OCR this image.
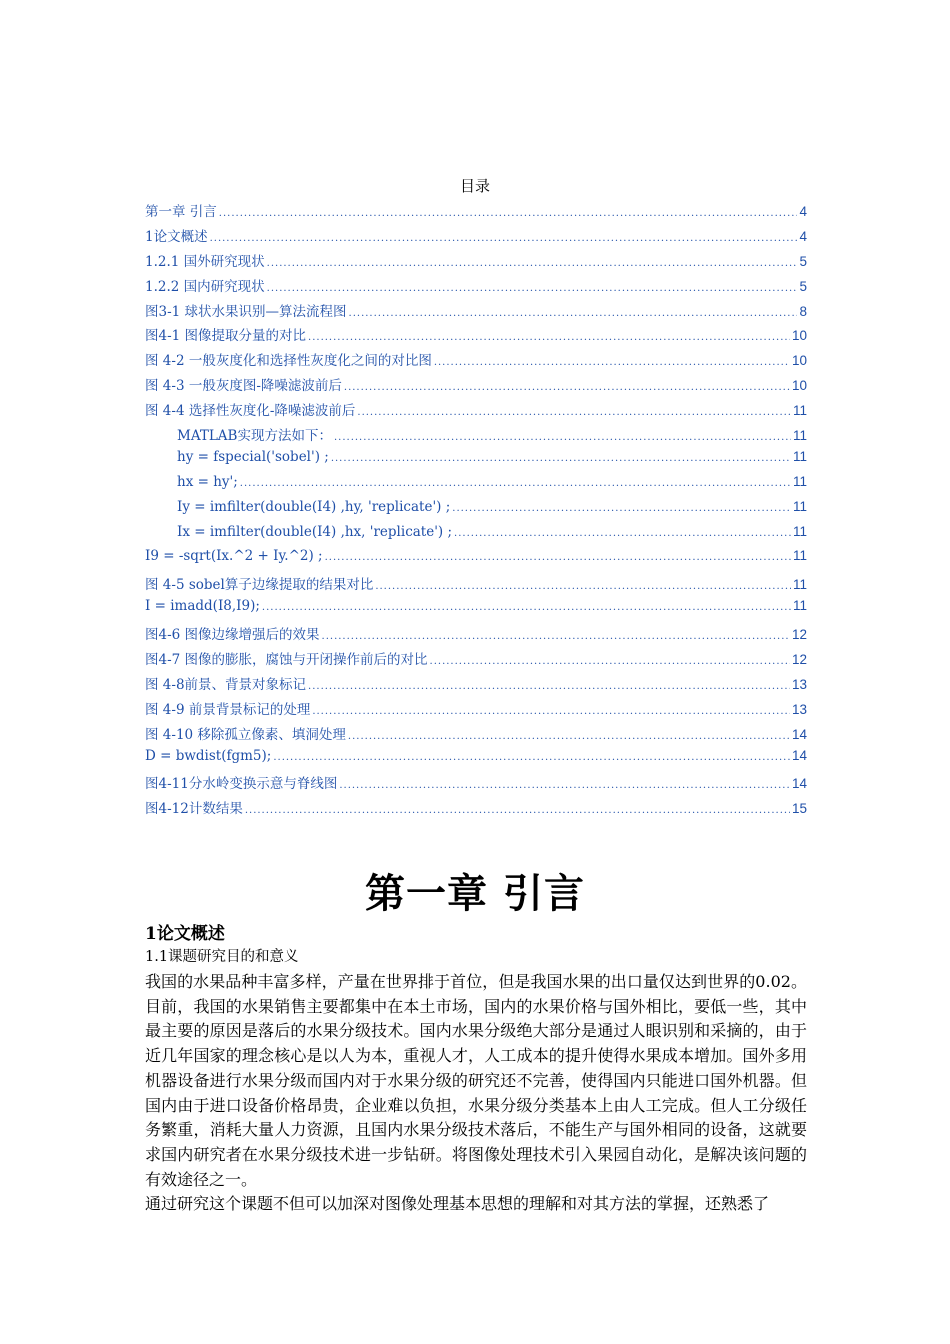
目录
第一章 引言 .....	4
1论文概述 .....	4
1.2.1 国外研究现状 .....	5
1.2.2 国内研究现状 .....	5
图3-1 球状水果识别—算法流程图 .....	8
图4-1 图像提取分量的对比 .....	10
图 4-2 一般灰度化和选择性灰度化之间的对比图 .....	10
图 4-3 一般灰度图-降噪滤波前后 .....	10
图 4-4 选择性灰度化-降噪滤波前后 .....	11
MATLAB实现方法如下： .....	11
hy = fspecial('sobel') ; .....	11
hx = hy'; .....	11
Iy = imfilter(double(I4) ,hy, 'replicate') ; .....	11
Ix = imfilter(double(I4) ,hx, 'replicate') ; .....	11
I9 = -sqrt(Ix.^2 + Iy.^2) ; .....	11
图 4-5 sobel算子边缘提取的结果对比 .....	11
I = imadd(I8,I9); .....	11
图4-6 图像边缘增强后的效果 .....	12
图4-7 图像的膨胀，腐蚀与开闭操作前后的对比 .....	12
图 4-8前景、背景对象标记 .....	13
图 4-9 前景背景标记的处理 .....	13
图 4-10 移除孤立像素、填洞处理 .....	14
D = bwdist(fgm5); .....	14
图4-11分水岭变换示意与脊线图 .....	14
图4-12计数结果 .....	15
第一章 引言
1论文概述
1.1课题研究目的和意义

我国的水果品种丰富多样，产量在世界排于首位，但是我国水果的出口量仅达到世界的0.02。目前，我国的水果销售主要都集中在本土市场，国内的水果价格与国外相比，要低一些，其中最主要的原因是落后的水果分级技术。国内水果分级绝大部分是通过人眼识别和采摘的，由于近几年国家的理念核心是以人为本，重视人才，人工成本的提升使得水果成本增加。国外多用机器设备进行水果分级而国内对于水果分级的研究还不完善，使得国内只能进口国外机器。但国内由于进口设备价格昂贵，企业难以负担，水果分级分类基本上由人工完成。但人工分级任务繁重，消耗大量人力资源，且国内水果分级技术落后，不能生产与国外相同的设备，这就要求国内研究者在水果分级技术进一步钻研。将图像处理技术引入果园自动化，是解决该问题的有效途径之一。

通过研究这个课题不但可以加深对图像处理基本思想的理解和对其方法的掌握，还熟悉了
